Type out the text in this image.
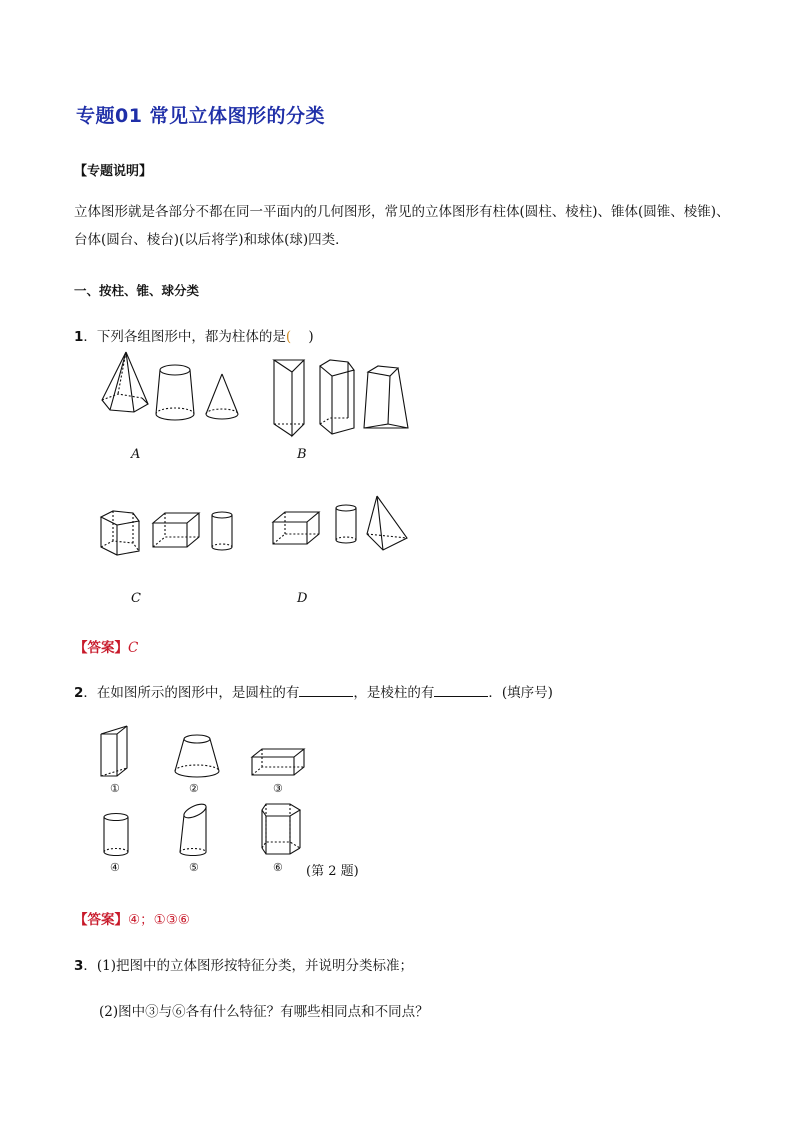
专题01 常见立体图形的分类
【专题说明】
立体图形就是各部分不都在同一平面内的几何图形，常见的立体图形有柱体(圆柱、棱柱)、锥体(圆锥、棱锥)、台体(圆台、棱台)(以后将学)和球体(球)四类．
一、按柱、锥、球分类
1．下列各组图形中，都为柱体的是(    )
A	B
C	D
【答案】C
2．在如图所示的图形中，是圆柱的有	，是棱柱的有	．(填序号)
①	②	③
④	⑤	⑥ (第 2 题)
【答案】④；①③⑥
3．(1)把图中的立体图形按特征分类，并说明分类标准；
(2)图中③与⑥各有什么特征？有哪些相同点和不同点？
